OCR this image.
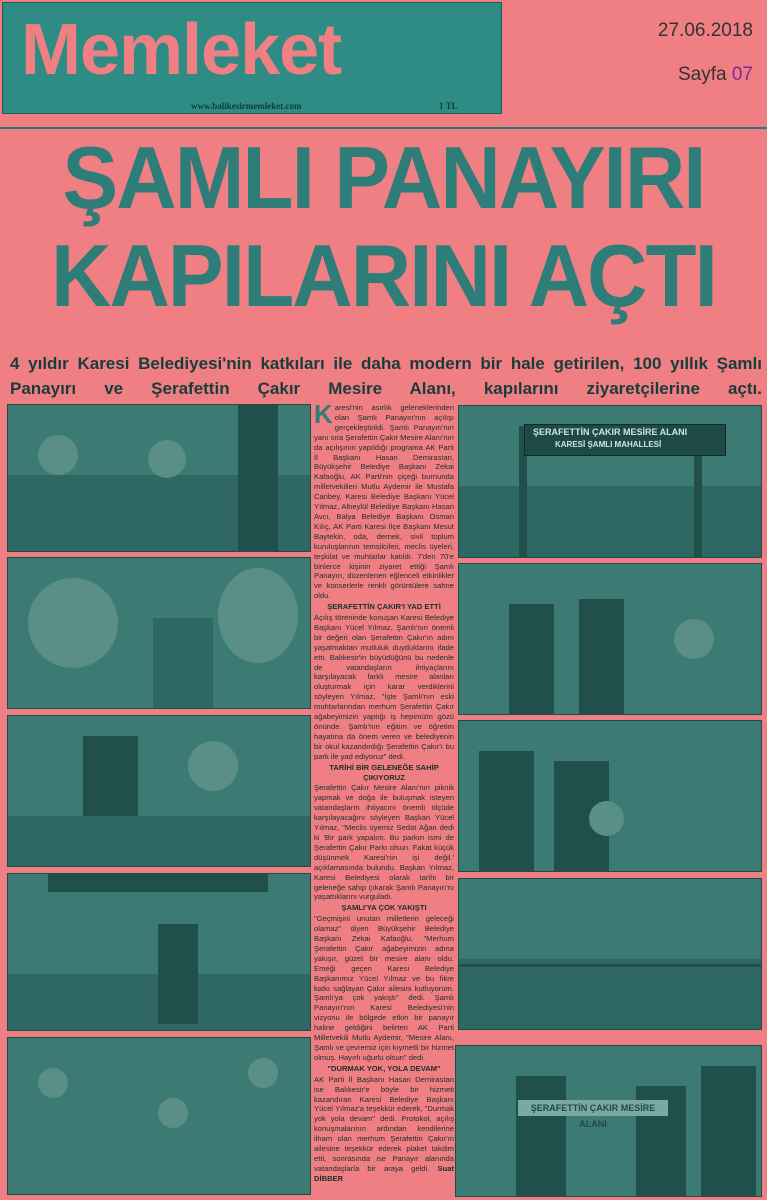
Memleket
www.balikesirmemleket.com	1 TL
27.06.2018
Sayfa 07
ŞAMLI PANAYIRI
KAPILARINI AÇTI
4 yıldır Karesi Belediyesi'nin katkıları ile daha modern bir hale getirilen, 100 yıllık Şamlı Panayırı ve Şerafettin Çakır Mesire Alanı, kapılarını ziyaretçilerine açtı.

Karesi'nin asırlık geleneklerinden olan Şamlı Panayırı'nın açılışı gerçekleştirildi. Şamlı Panayırı'nın yanı sıra Şerafettin Çakır Mesire Alanı'nın da açılışının yapıldığı programa AK Parti İl Başkanı Hasan Demirastan, Büyükşehir Belediye Başkanı Zekai Kafaoğlu, AK Parti'nin çiçeği burnunda milletvekilleri Mutlu Aydemir ile Mustafa Canbey, Karesi Belediye Başkanı Yücel Yılmaz, Altıeylül Belediye Başkanı Hasan Avcı, Balya Belediye Başkanı Osman Kılıç, AK Parti Karesi İlçe Başkanı Mesut Baytekin, oda, dernek, sivil toplum kuruluşlarının temsilcileri, meclis üyeleri, teşkilat ve muhtarlar katıldı. 7'den 70'e binlerce kişinin ziyaret ettiği Şamlı Panayırı, düzenlenen eğlenceli etkinlikler ve konserlerle renkli görüntülere sahne oldu.

ŞERAFETTİN ÇAKIR'I YAD ETTİ

Açılış töreninde konuşan Karesi Belediye Başkanı Yücel Yılmaz, Şamlı'nın önemli bir değeri olan Şerafettin Çakır'ın adını yaşatmaktan mutluluk duyduklarını ifade etti. Balıkesir'in büyüdüğünü bu nedenle de vatandaşların ihtiyaçlarını karşılayacak farklı mesire alanları oluşturmak için karar verdiklerini söyleyen Yılmaz, "İşte Şamlı'nın eski muhtarlarından merhum Şerafettin Çakır ağabeyimizin yaptığı iş hepimizin gözü önünde. Şamlı'nın eğitim ve öğretim hayatına da önem veren ve belediyenin bir okul kazandırdığı Şerafettin Çakır'ı bu park ile yad ediyoruz" dedi.

TARİHİ BİR GELENEĞE SAHİP ÇIKIYORUZ

Şerafettin Çakır Mesire Alanı'nın piknik yapmak ve doğa ile buluşmak isteyen vatandaşların ihtiyacını önemli ölçüde karşılayacağını söyleyen Başkan Yücel Yılmaz, "Meclis üyemiz Sedat Ağan dedi ki 'Bir park yapalım. Bu parkın ismi de Şerafettin Çakır Parkı olsun. Fakat küçük düşünmek Karesi'nin işi değil.' açıklamasında bulundu. Başkan Yılmaz, Karesi Belediyesi olarak tarihi bir geleneğe sahip çıkarak Şamlı Panayırı'nı yaşattıklarını vurguladı.

ŞAMLI'YA ÇOK YAKIŞTI

"Geçmişini unutan milletlerin geleceği olamaz" diyen Büyükşehir Belediye Başkanı Zekai Kafaoğlu, "Merhum Şerafettin Çakır ağabeyimizin adına yakışır, güzel bir mesire alanı oldu. Emeği geçen Karesi Belediye Başkanımız Yücel Yılmaz ve bu fikre katkı sağlayan Çakır ailesini kutluyorum. Şamlı'ya çok yakıştı" dedi. Şamlı Panayırı'nın Karesi Belediyesi'nin vizyonu ile bölgede etkin bir panayır haline geldiğini belirten AK Parti Milletvekili Mutlu Aydemir, "Mesire Alanı, Şamlı ve çevremiz için kıymetli bir hizmet olmuş. Hayırlı uğurlu olsun" dedi.

"DURMAK YOK, YOLA DEVAM"

AK Parti İl Başkanı Hasan Demirastan ise Balıkesir'e böyle bir hizmeti kazandıran Karesi Belediye Başkanı Yücel Yılmaz'a teşekkür ederek, "Durmak yok yola devam" dedi. Protokol, açılış konuşmalarının ardından kendilerine ilham olan merhum Şerafettin Çakır'ın ailesine teşekkür ederek plaket takdim etti, sonrasında ise Panayır alanında vatandaşlarla bir araya geldi. Suat DİBBER

ŞERAFETTİN ÇAKIR MESİRE ALANI
KARESİ ŞAMLI MAHALLESİ
ŞERAFETTİN ÇAKIR MESİRE ALANI
